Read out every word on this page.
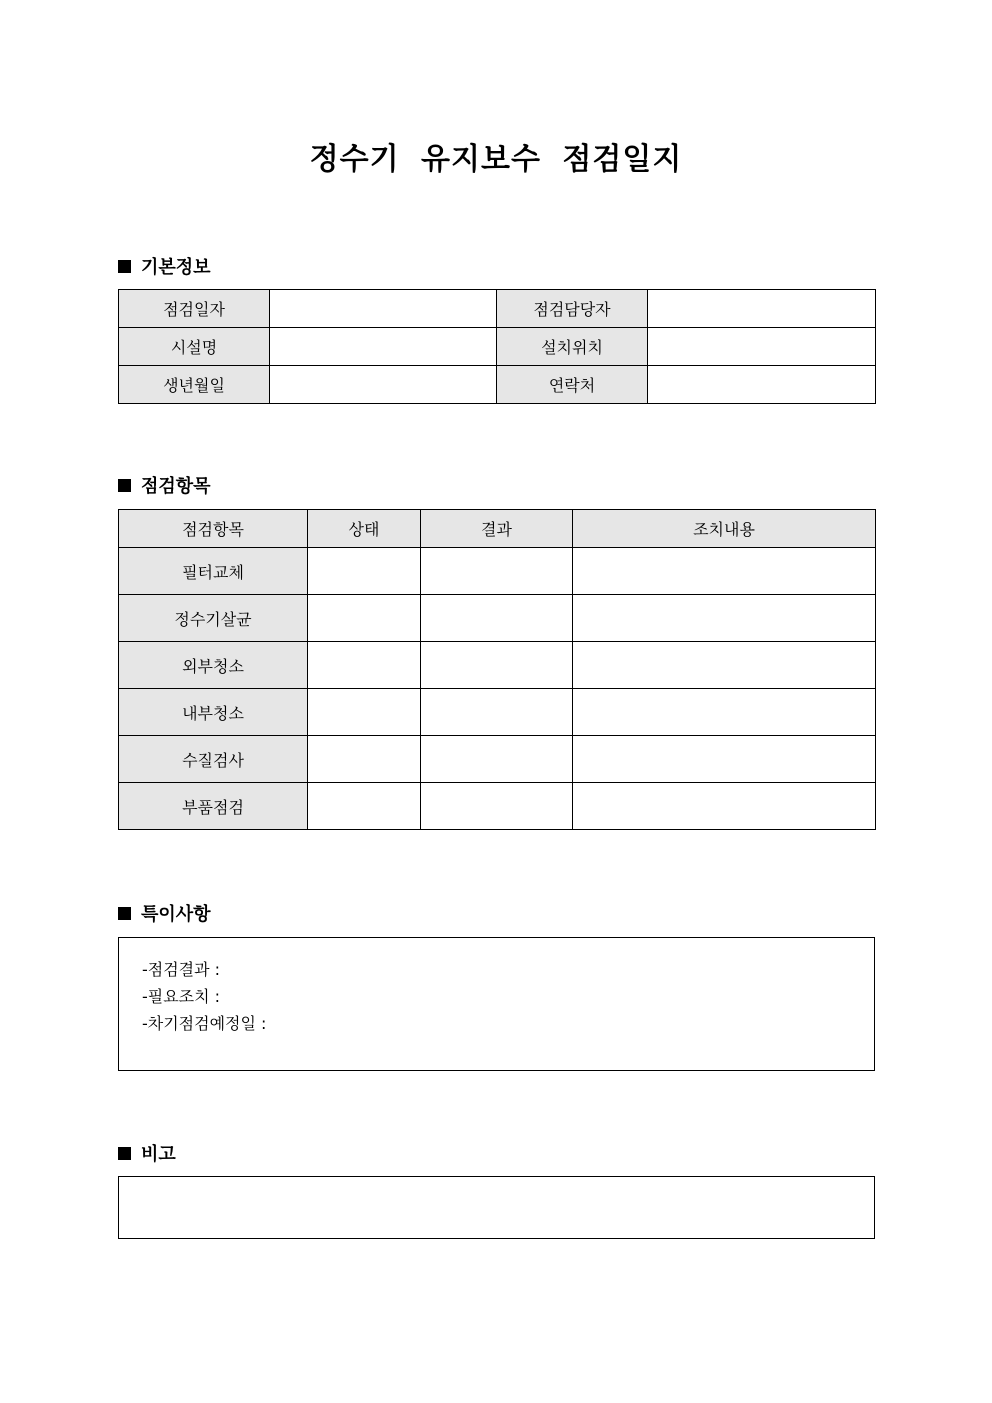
정수기 유지보수 점검일지
기본정보
점검일자		점검담당자	
시설명		설치위치	
생년월일		연락처	
점검항목
점검항목	상태	결과	조치내용
필터교체			
정수기살균			
외부청소			
내부청소			
수질검사			
부품점검			
특이사항
-점검결과 :
-필요조치 :
-차기점검예정일 :
비고
